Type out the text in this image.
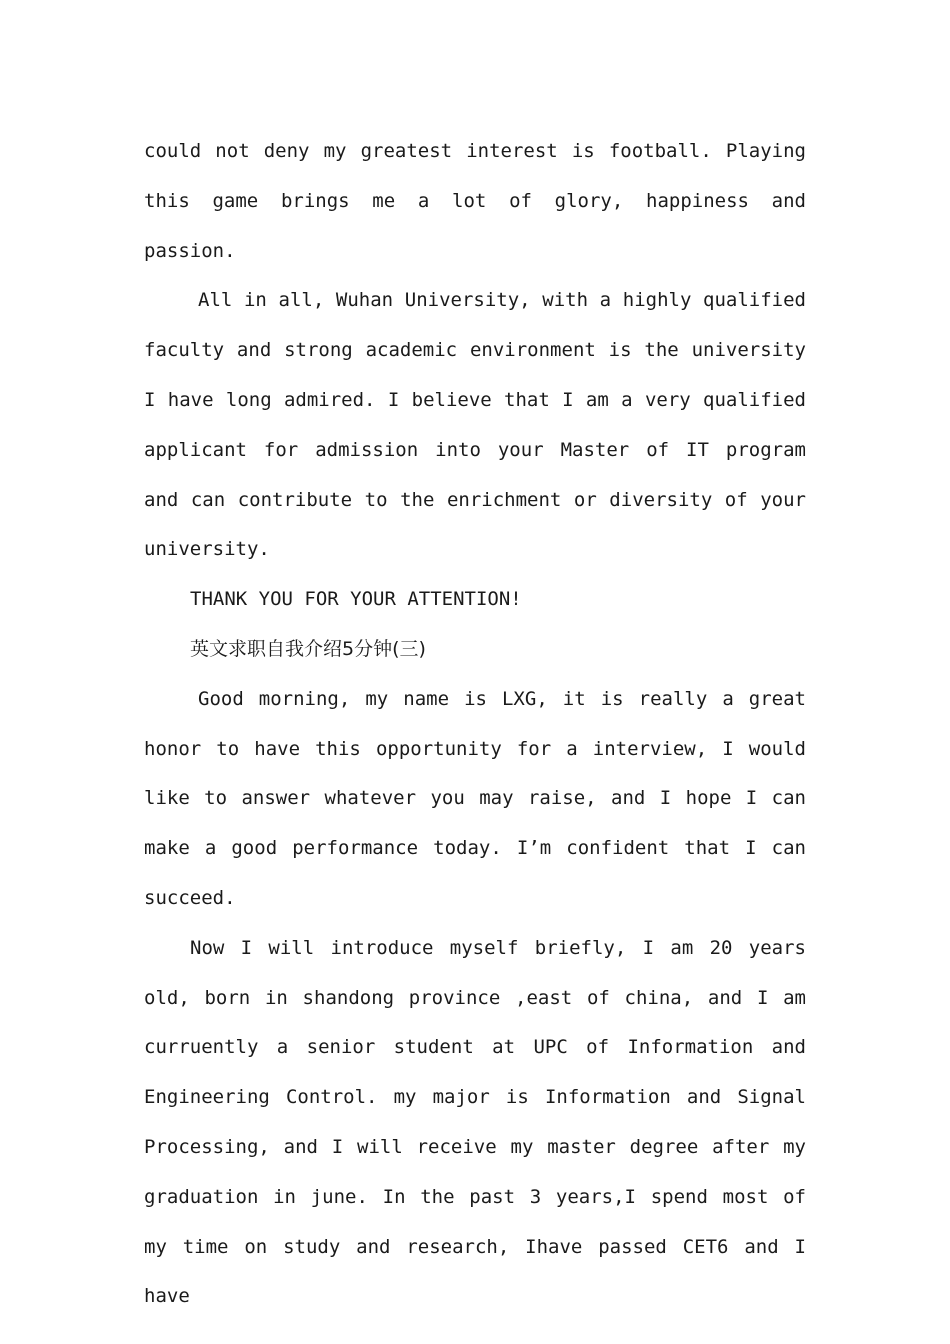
could not deny my greatest interest is football. Playing this game brings me a lot of glory, happiness and passion.

All in all, Wuhan University, with a highly qualified faculty and strong academic environment is the university I have long admired. I believe that I am a very qualified applicant for admission into your Master of IT program and can contribute to the enrichment or diversity of your university.

THANK YOU FOR YOUR ATTENTION!

英文求职自我介绍5分钟(三)

Good morning, my name is LXG, it is really a great honor to have this opportunity for a interview, I would like to answer whatever you may raise, and I hope I can make a good performance today. I’m confident that I can succeed.

Now I will introduce myself briefly, I am 20 years old, born in shandong province ,east of china, and I am curruently a senior student at UPC of Information and Engineering Control. my major is Information and Signal Processing, and I will receive my master degree after my graduation in june. In the past 3 years,I spend most of my time on study and research, Ihave passed CET6 and I have
